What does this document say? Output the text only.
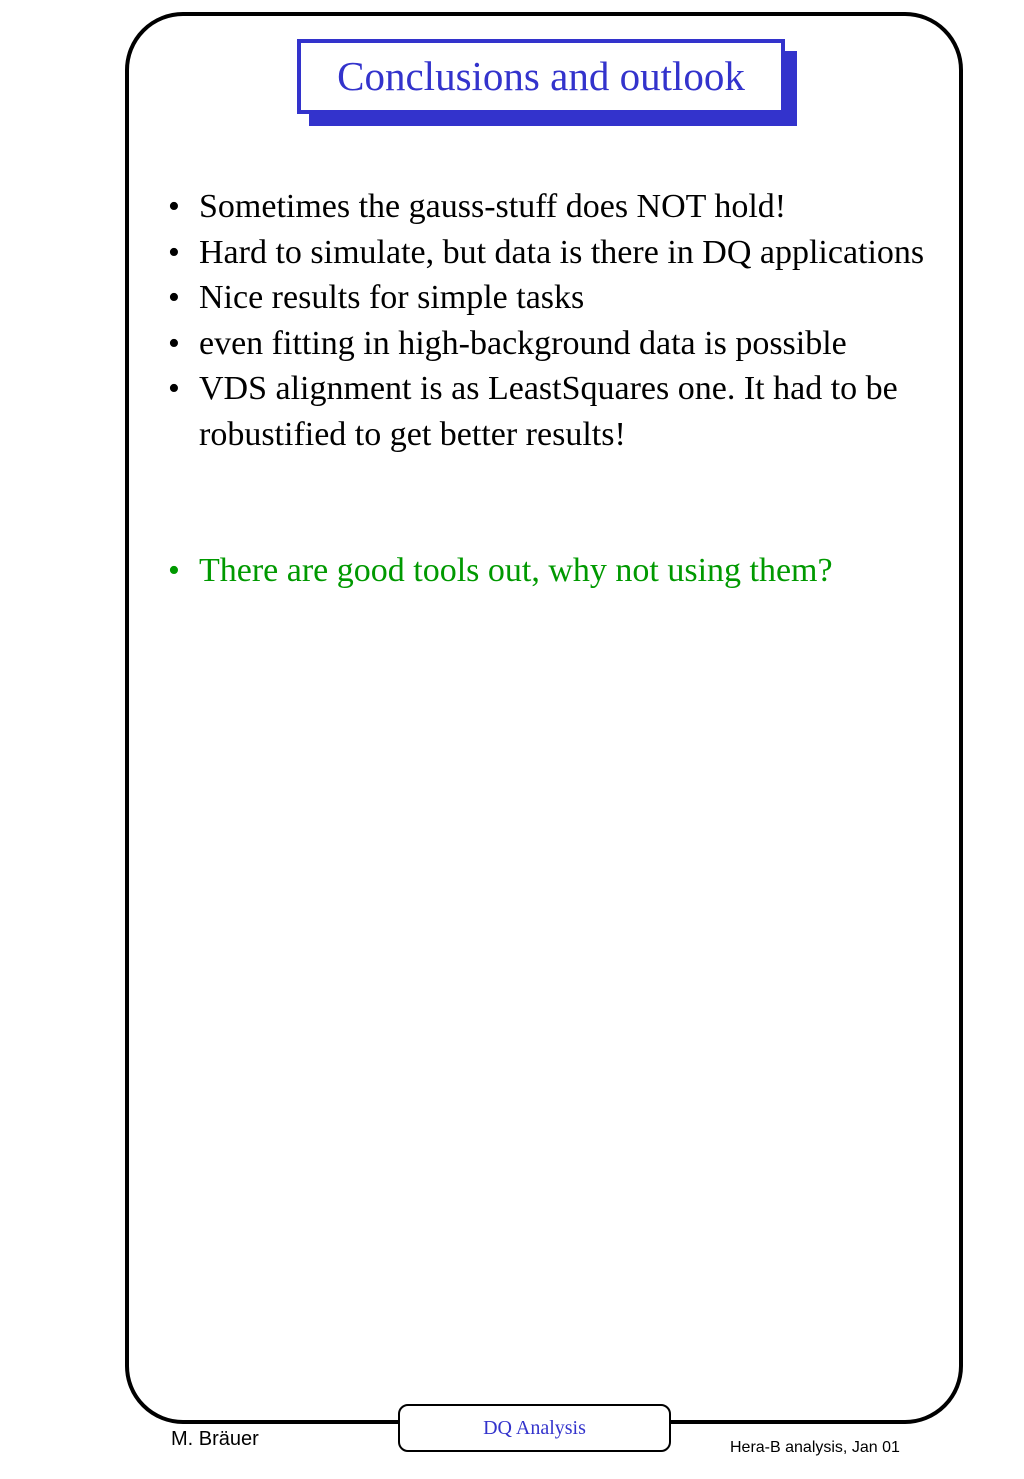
Conclusions and outlook
• Sometimes the gauss-stuff does NOT hold!
• Hard to simulate, but data is there in DQ applications
• Nice results for simple tasks
• even fitting in high-background data is possible
• VDS alignment is as LeastSquares one. It had to be robustified to get better results!
• There are good tools out, why not using them?
M. Bräuer
DQ Analysis
Hera-B analysis, Jan 01
